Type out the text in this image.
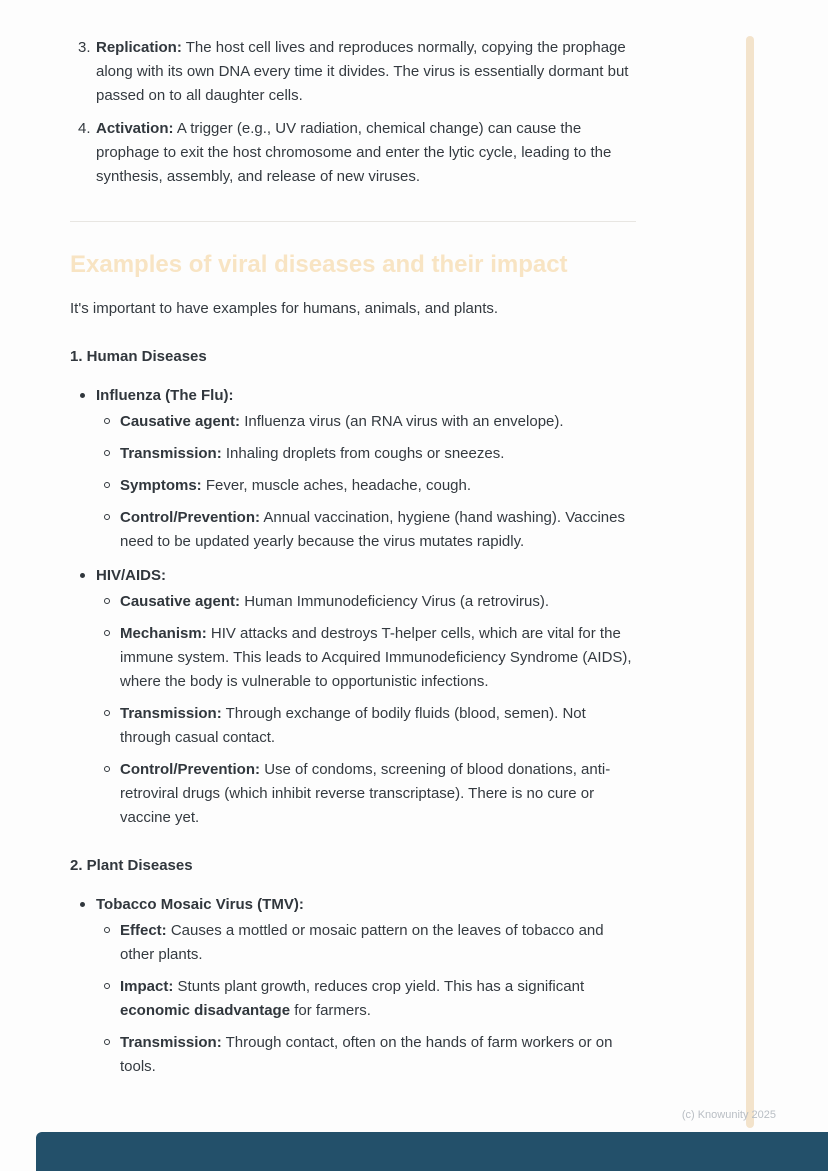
3. Replication: The host cell lives and reproduces normally, copying the prophage along with its own DNA every time it divides. The virus is essentially dormant but passed on to all daughter cells.
4. Activation: A trigger (e.g., UV radiation, chemical change) can cause the prophage to exit the host chromosome and enter the lytic cycle, leading to the synthesis, assembly, and release of new viruses.
Examples of viral diseases and their impact

It's important to have examples for humans, animals, and plants.

1. Human Diseases

Influenza (The Flu):
Causative agent: Influenza virus (an RNA virus with an envelope).
Transmission: Inhaling droplets from coughs or sneezes.
Symptoms: Fever, muscle aches, headache, cough.
Control/Prevention: Annual vaccination, hygiene (hand washing). Vaccines need to be updated yearly because the virus mutates rapidly.
HIV/AIDS:
Causative agent: Human Immunodeficiency Virus (a retrovirus).
Mechanism: HIV attacks and destroys T-helper cells, which are vital for the immune system. This leads to Acquired Immunodeficiency Syndrome (AIDS), where the body is vulnerable to opportunistic infections.
Transmission: Through exchange of bodily fluids (blood, semen). Not through casual contact.
Control/Prevention: Use of condoms, screening of blood donations, anti-retroviral drugs (which inhibit reverse transcriptase). There is no cure or vaccine yet.

2. Plant Diseases

Tobacco Mosaic Virus (TMV):
Effect: Causes a mottled or mosaic pattern on the leaves of tobacco and other plants.
Impact: Stunts plant growth, reduces crop yield. This has a significant economic disadvantage for farmers.
Transmission: Through contact, often on the hands of farm workers or on tools.
(c) Knowunity 2025
